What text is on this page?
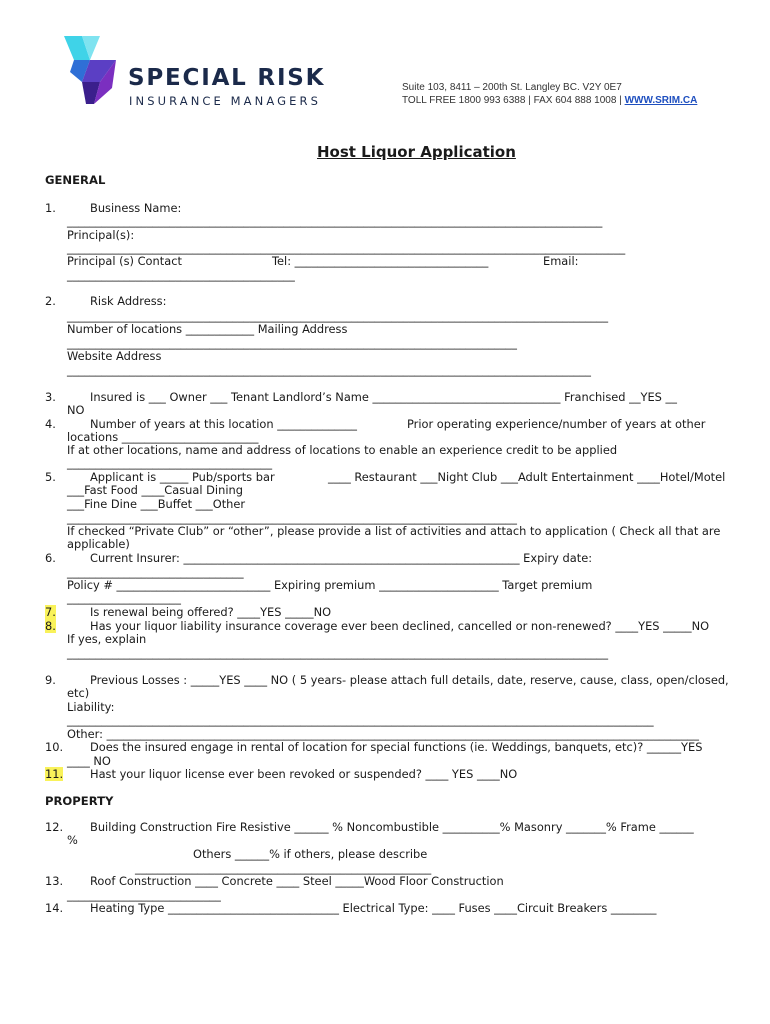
SPECIAL RISK
INSURANCE MANAGERS
Suite 103, 8411 – 200th St. Langley BC. V2Y 0E7
TOLL FREE 1800 993 6388 | FAX 604 888 1008 | WWW.SRIM.CA
Host Liquor Application
GENERAL
1.	Business Name:
______________________________________________________________________________________________
Principal(s):
__________________________________________________________________________________________________
Principal (s) Contact	Tel: __________________________________	Email:
________________________________________
2.	Risk Address:
_______________________________________________________________________________________________
Number of locations ____________ Mailing Address
_______________________________________________________________________________
Website Address
____________________________________________________________________________________________
3.	Insured is ___ Owner ___ Tenant Landlord’s Name _________________________________ Franchised __YES __
NO
4.	Number of years at this location ______________	Prior operating experience/number of years at other
locations ________________________
If at other locations, name and address of locations to enable an experience credit to be applied
____________________________________
5.	Applicant is _____ Pub/sports bar	____ Restaurant ___Night Club ___Adult Entertainment ____Hotel/Motel
___Fast Food ____Casual Dining
___Fine Dine ___Buffet ___Other
_______________________________________________________________________________
If checked “Private Club” or “other”, please provide a list of activities and attach to application ( Check all that are
applicable)
6.	Current Insurer: ___________________________________________________________ Expiry date:
_______________________________
Policy # ___________________________ Expiring premium _____________________ Target premium
____________________
7.	Is renewal being offered? ____YES _____NO
8.	Has your liquor liability insurance coverage ever been declined, cancelled or non-renewed? ____YES _____NO
If yes, explain
_______________________________________________________________________________________________
9.	Previous Losses : _____YES ____ NO ( 5 years- please attach full details, date, reserve, cause, class, open/closed,
etc)
Liability:
_______________________________________________________________________________________________________
Other: ________________________________________________________________________________________________________
10. Does the insured engage in rental of location for special functions (ie. Weddings, banquets, etc)? ______YES
____ NO
11. Hast your liquor license ever been revoked or suspended? ____ YES ____NO
PROPERTY
12. Building Construction Fire Resistive ______ % Noncombustible __________% Masonry _______% Frame ______
%
Others ______% if others, please describe
____________________________________________________
13. Roof Construction ____ Concrete ____ Steel _____Wood Floor Construction
___________________________
14. Heating Type ______________________________ Electrical Type: ____ Fuses ____Circuit Breakers ________
